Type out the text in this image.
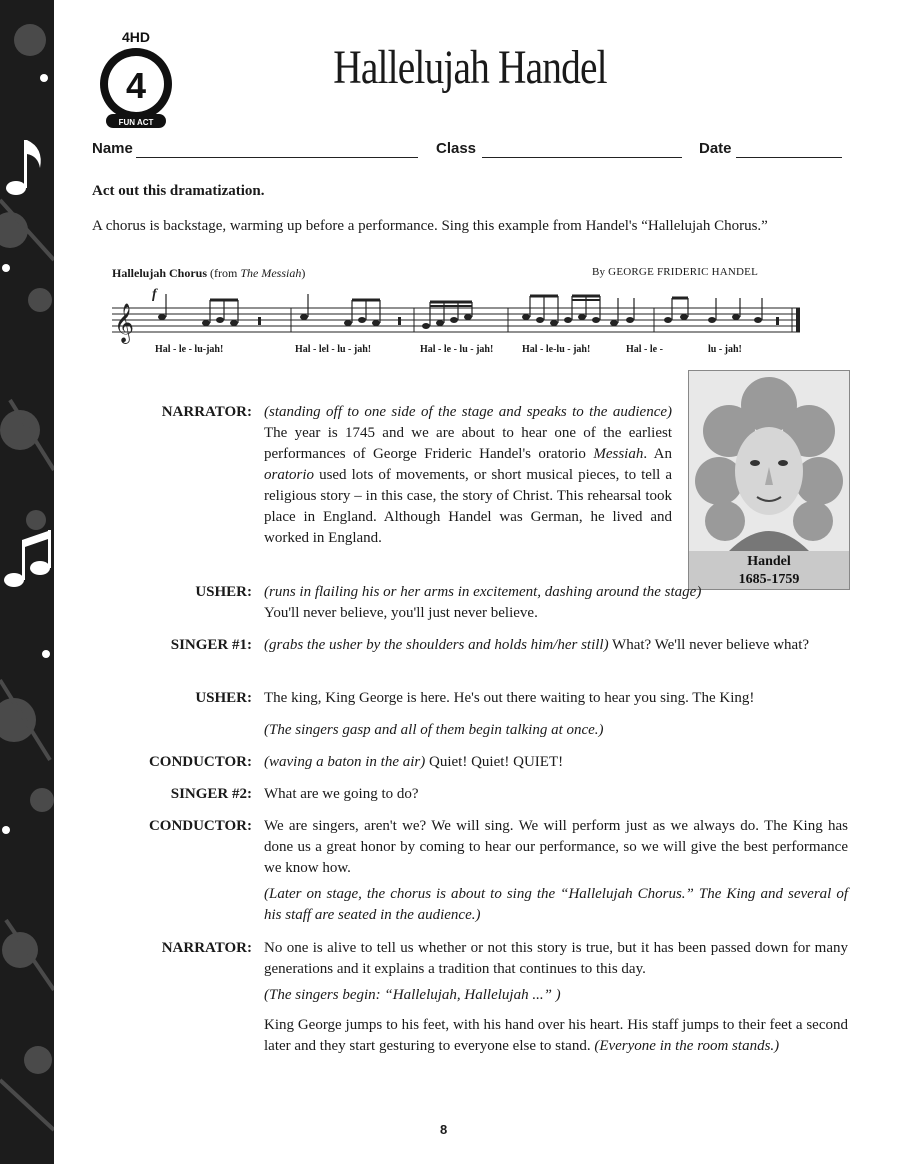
4HD
4
FUN ACT
Hallelujah Handel
Name	Class	Date
Act out this dramatization.
A chorus is backstage, warming up before a performance. Sing this example from Handel's “Hallelujah Chorus.”
Hallelujah Chorus (from The Messiah)	By GEORGE FRIDERIC HANDEL
𝄞
f
Hal - le - lu-jah!	Hal - lel - lu - jah!	Hal - le - lu - jah!	Hal - le-lu - jah!	Hal - le -	lu - jah!
Handel
1685-1759
NARRATOR: (standing off to one side of the stage and speaks to the audience) The year is 1745 and we are about to hear one of the earliest performances of George Frideric Handel's oratorio Messiah. An oratorio used lots of movements, or short musical pieces, to tell a religious story – in this case, the story of Christ. This rehearsal took place in England. Although Handel was German, he lived and worked in England.
USHER: (runs in flailing his or her arms in excitement, dashing around the stage) You'll never believe, you'll just never believe.
SINGER #1: (grabs the usher by the shoulders and holds him/her still) What? We'll never believe what?
USHER: The king, King George is here. He's out there waiting to hear you sing. The King!
(The singers gasp and all of them begin talking at once.)
CONDUCTOR: (waving a baton in the air) Quiet! Quiet! QUIET!
SINGER #2: What are we going to do?
CONDUCTOR: We are singers, aren't we? We will sing. We will perform just as we always do. The King has done us a great honor by coming to hear our performance, so we will give the best performance we know how.
(Later on stage, the chorus is about to sing the “Hallelujah Chorus.” The King and several of his staff are seated in the audience.)
NARRATOR: No one is alive to tell us whether or not this story is true, but it has been passed down for many generations and it explains a tradition that continues to this day.
(The singers begin: “Hallelujah, Hallelujah ...” )
King George jumps to his feet, with his hand over his heart. His staff jumps to their feet a second later and they start gesturing to everyone else to stand. (Everyone in the room stands.)
8
